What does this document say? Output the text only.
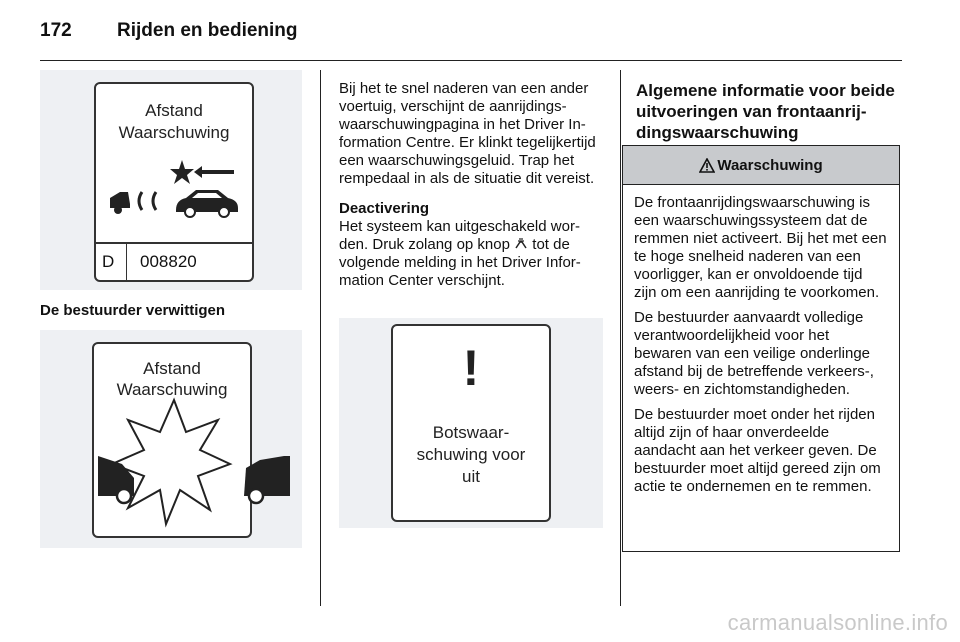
172 Rijden en bediening
Afstand
Waarschuwing
D 008820
De bestuurder verwittigen
Afstand
Waarschuwing

Bij het te snel naderen van een ander voertuig, verschijnt de aanrijdingswaarschuwingpagina in het Driver Information Centre. Er klinkt tegelijkertijd een waarschuwingsgeluid. Trap het rempedaal in als de situatie dit vereist.

Deactivering
Het systeem kan uitgeschakeld worden. Druk zolang op knop tot de volgende melding in het Driver Information Center verschijnt.

!
Botswaar-
schuwing voor
uit
Algemene informatie voor beide uitvoeringen van frontaanrijdingswaarschuwing
Waarschuwing

De frontaanrijdingswaarschuwing is een waarschuwingssysteem dat de remmen niet activeert. Bij het met een te hoge snelheid naderen van een voorligger, kan er onvoldoende tijd zijn om een aanrijding te voorkomen.

De bestuurder aanvaardt volledige verantwoordelijkheid voor het bewaren van een veilige onderlinge afstand bij de betreffende verkeers-, weers- en zichtomstandigheden.

De bestuurder moet onder het rijden altijd zijn of haar onverdeelde aandacht aan het verkeer geven. De bestuurder moet altijd gereed zijn om actie te ondernemen en te remmen.

carmanualsonline.info
